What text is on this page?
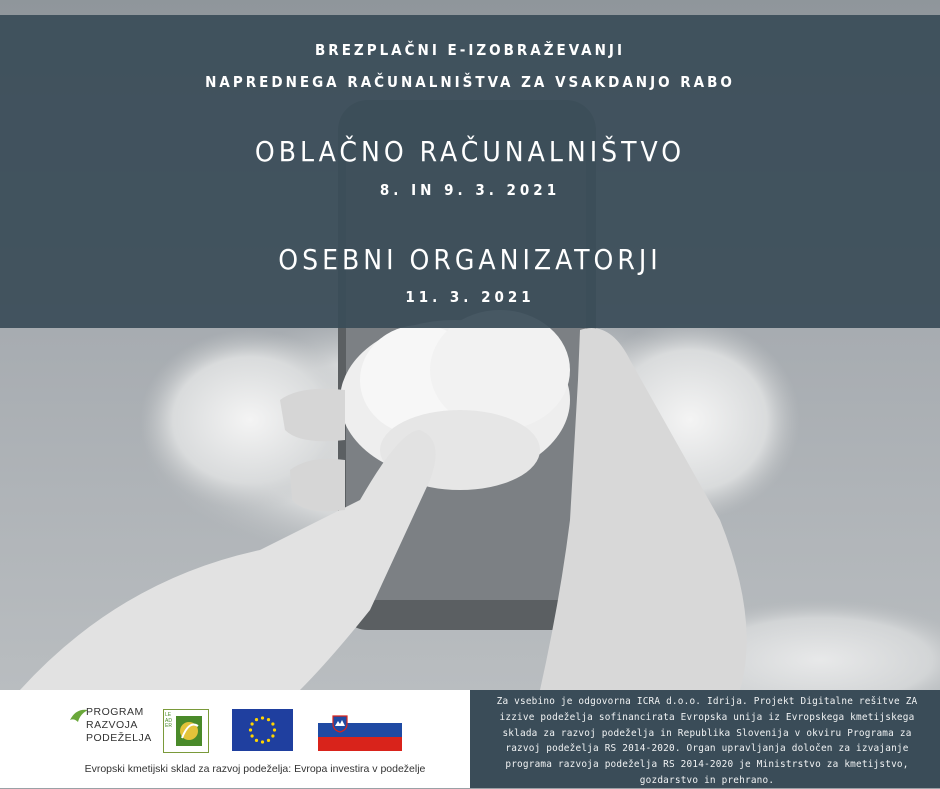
BREZPLAČNI E-IZOBRAŽEVANJI
NAPREDNEGA RAČUNALNIŠTVA ZA VSAKDANJO RABO
OBLAČNO RAČUNALNIŠTVO
8. IN 9. 3. 2021
OSEBNI ORGANIZATORJI
11. 3. 2021
PROGRAM
RAZVOJA
PODEŽELJA
LEADER
Evropski kmetijski sklad za razvoj podeželja: Evropa investira v podeželje
Za vsebino je odgovorna ICRA d.o.o. Idrija. Projekt Digitalne rešitve ZA izzive podeželja sofinancirata Evropska unija iz Evropskega kmetijskega sklada za razvoj podeželja in Republika Slovenija v okviru Programa za razvoj podeželja RS 2014-2020. Organ upravljanja določen za izvajanje programa razvoja podeželja RS 2014-2020 je Ministrstvo za kmetijstvo, gozdarstvo in prehrano.
